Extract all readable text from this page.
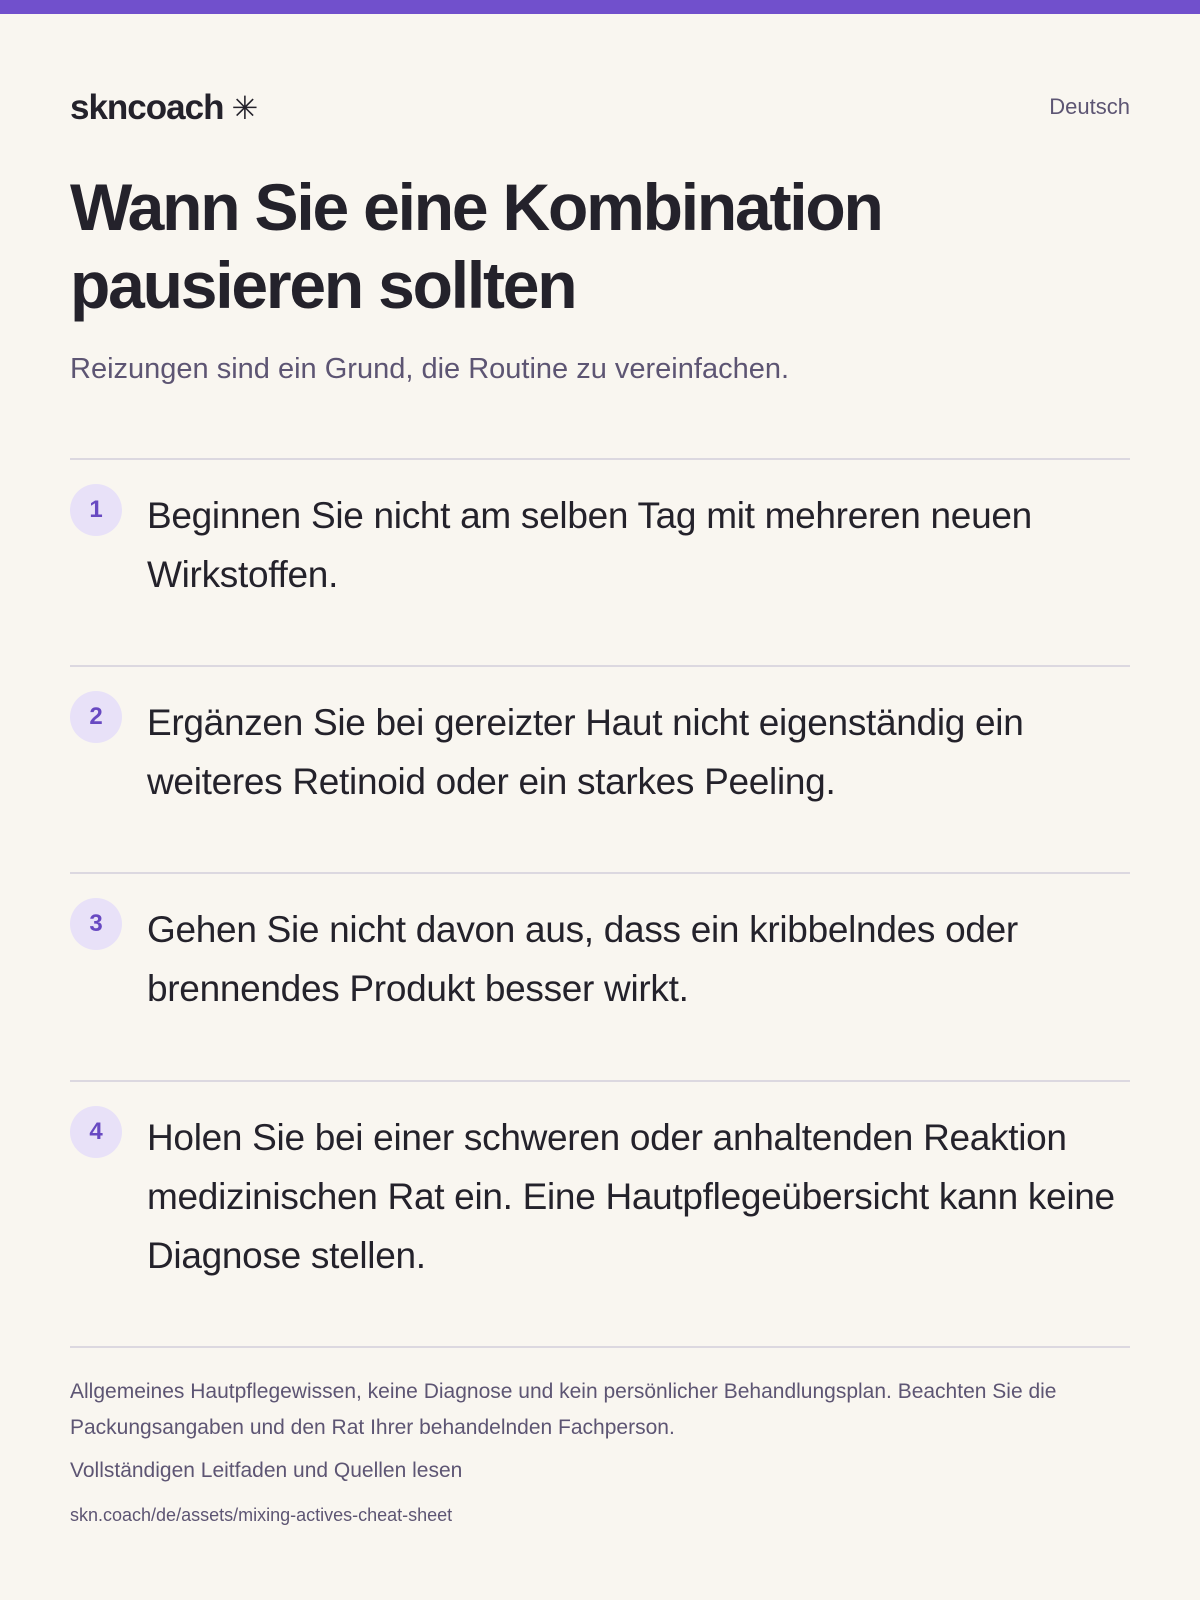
skncoach ✳	Deutsch
Wann Sie eine Kombination pausieren sollten

Reizungen sind ein Grund, die Routine zu vereinfachen.

1	Beginnen Sie nicht am selben Tag mit mehreren neuen Wirkstoffen.

2	Ergänzen Sie bei gereizter Haut nicht eigenständig ein weiteres Retinoid oder ein starkes Peeling.

3	Gehen Sie nicht davon aus, dass ein kribbelndes oder brennendes Produkt besser wirkt.

4	Holen Sie bei einer schweren oder anhaltenden Reaktion medizinischen Rat ein. Eine Hautpflegeübersicht kann keine Diagnose stellen.

Allgemeines Hautpflegewissen, keine Diagnose und kein persönlicher Behandlungsplan. Beachten Sie die Packungsangaben und den Rat Ihrer behandelnden Fachperson.

Vollständigen Leitfaden und Quellen lesen
skn.coach/de/assets/mixing-actives-cheat-sheet
